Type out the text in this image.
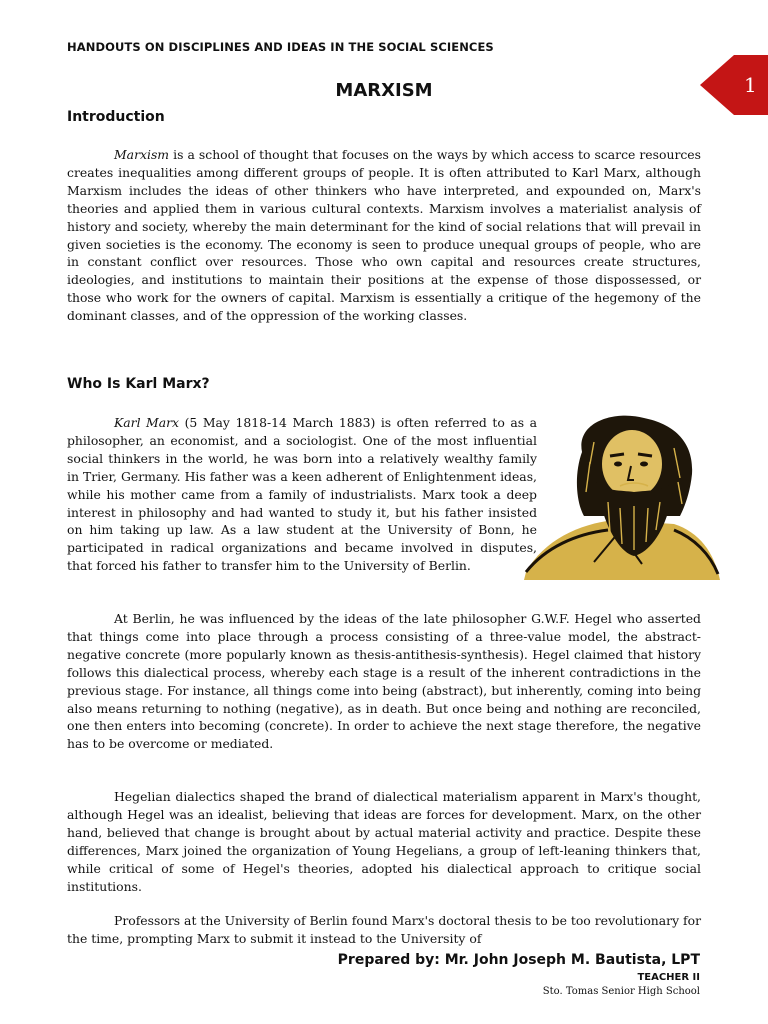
HANDOUTS ON DISCIPLINES AND IDEAS IN THE SOCIAL SCIENCES
1
MARXISM
Introduction

Marxism is a school of thought that focuses on the ways by which access to scarce resources creates inequalities among different groups of people. It is often attributed to Karl Marx, although Marxism includes the ideas of other thinkers who have interpreted, and expounded on, Marx's theories and applied them in various cultural contexts. Marxism involves a materialist analysis of history and society, whereby the main determinant for the kind of social relations that will prevail in given societies is the economy. The economy is seen to produce unequal groups of people, who are in constant conflict over resources. Those who own capital and resources create structures, ideologies, and institutions to maintain their positions at the expense of those dispossessed, or those who work for the owners of capital. Marxism is essentially a critique of the hegemony of the dominant classes, and of the oppression of the working classes.

Who Is Karl Marx?

Karl Marx (5 May 1818-14 March 1883) is often referred to as a philosopher, an economist, and a sociologist. One of the most influential social thinkers in the world, he was born into a relatively wealthy family in Trier, Germany. His father was a keen adherent of Enlightenment ideas, while his mother came from a family of industrialists. Marx took a deep interest in philosophy and had wanted to study it, but his father insisted on him taking up law. As a law student at the University of Bonn, he participated in radical organizations and became involved in disputes, that forced his father to transfer him to the University of Berlin.

At Berlin, he was influenced by the ideas of the late philosopher G.W.F. Hegel who asserted that things come into place through a process consisting of a three-value model, the abstract-negative concrete (more popularly known as thesis-antithesis-synthesis). Hegel claimed that history follows this dialectical process, whereby each stage is a result of the inherent contradictions in the previous stage. For instance, all things come into being (abstract), but inherently, coming into being also means returning to nothing (negative), as in death. But once being and nothing are reconciled, one then enters into becoming (concrete). In order to achieve the next stage therefore, the negative has to be overcome or mediated.

Hegelian dialectics shaped the brand of dialectical materialism apparent in Marx's thought, although Hegel was an idealist, believing that ideas are forces for development. Marx, on the other hand, believed that change is brought about by actual material activity and practice. Despite these differences, Marx joined the organization of Young Hegelians, a group of left-leaning thinkers that, while critical of some of Hegel's theories, adopted his dialectical approach to critique social institutions.

Professors at the University of Berlin found Marx's doctoral thesis to be too revolutionary for the time, prompting Marx to submit it instead to the University of

Prepared by: Mr. John Joseph M. Bautista, LPT
TEACHER II
Sto. Tomas Senior High School
